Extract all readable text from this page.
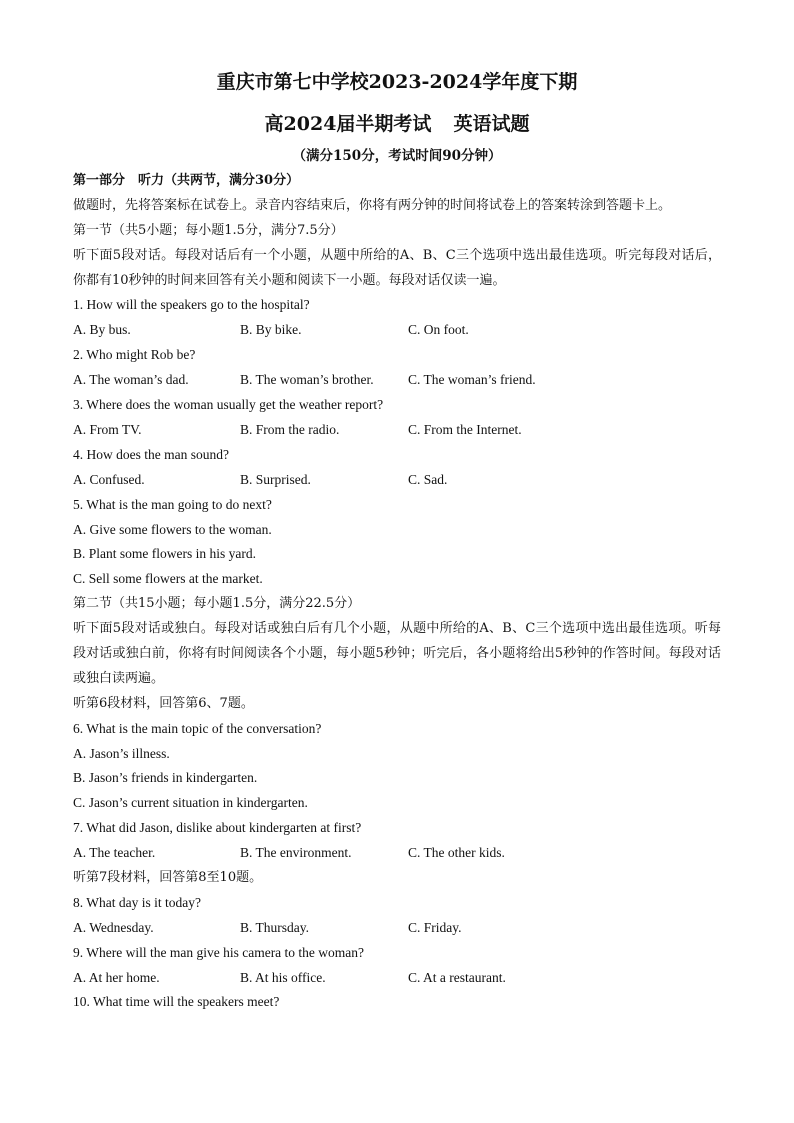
重庆市第七中学校2023-2024学年度下期
高2024届半期考试 英语试题
（满分150分，考试时间90分钟）
第一部分　听力（共两节，满分30分）
做题时，先将答案标在试卷上。录音内容结束后，你将有两分钟的时间将试卷上的答案转涂到答题卡上。
第一节（共5小题；每小题1.5分，满分7.5分）
听下面5段对话。每段对话后有一个小题，从题中所给的A、B、C三个选项中选出最佳选项。听完每段对话后，你都有10秒钟的时间来回答有关小题和阅读下一小题。每段对话仅读一遍。
1. How will the speakers go to the hospital?
A. By bus.	B. By bike.	C. On foot.
2. Who might Rob be?
A. The woman’s dad.	B. The woman’s brother.	C. The woman’s friend.
3. Where does the woman usually get the weather report?
A. From TV.	B. From the radio.	C. From the Internet.
4. How does the man sound?
A. Confused.	B. Surprised.	C. Sad.
5. What is the man going to do next?
A. Give some flowers to the woman.
B. Plant some flowers in his yard.
C. Sell some flowers at the market.
第二节（共15小题；每小题1.5分，满分22.5分）
听下面5段对话或独白。每段对话或独白后有几个小题，从题中所给的A、B、C三个选项中选出最佳选项。听每段对话或独白前，你将有时间阅读各个小题，每小题5秒钟；听完后，各小题将给出5秒钟的作答时间。每段对话或独白读两遍。
听第6段材料，回答第6、7题。
6. What is the main topic of the conversation?
A. Jason’s illness.
B. Jason’s friends in kindergarten.
C. Jason’s current situation in kindergarten.
7. What did Jason, dislike about kindergarten at first?
A. The teacher.	B. The environment.	C. The other kids.
听第7段材料，回答第8至10题。
8. What day is it today?
A. Wednesday.	B. Thursday.	C. Friday.
9. Where will the man give his camera to the woman?
A. At her home.	B. At his office.	C. At a restaurant.
10. What time will the speakers meet?
